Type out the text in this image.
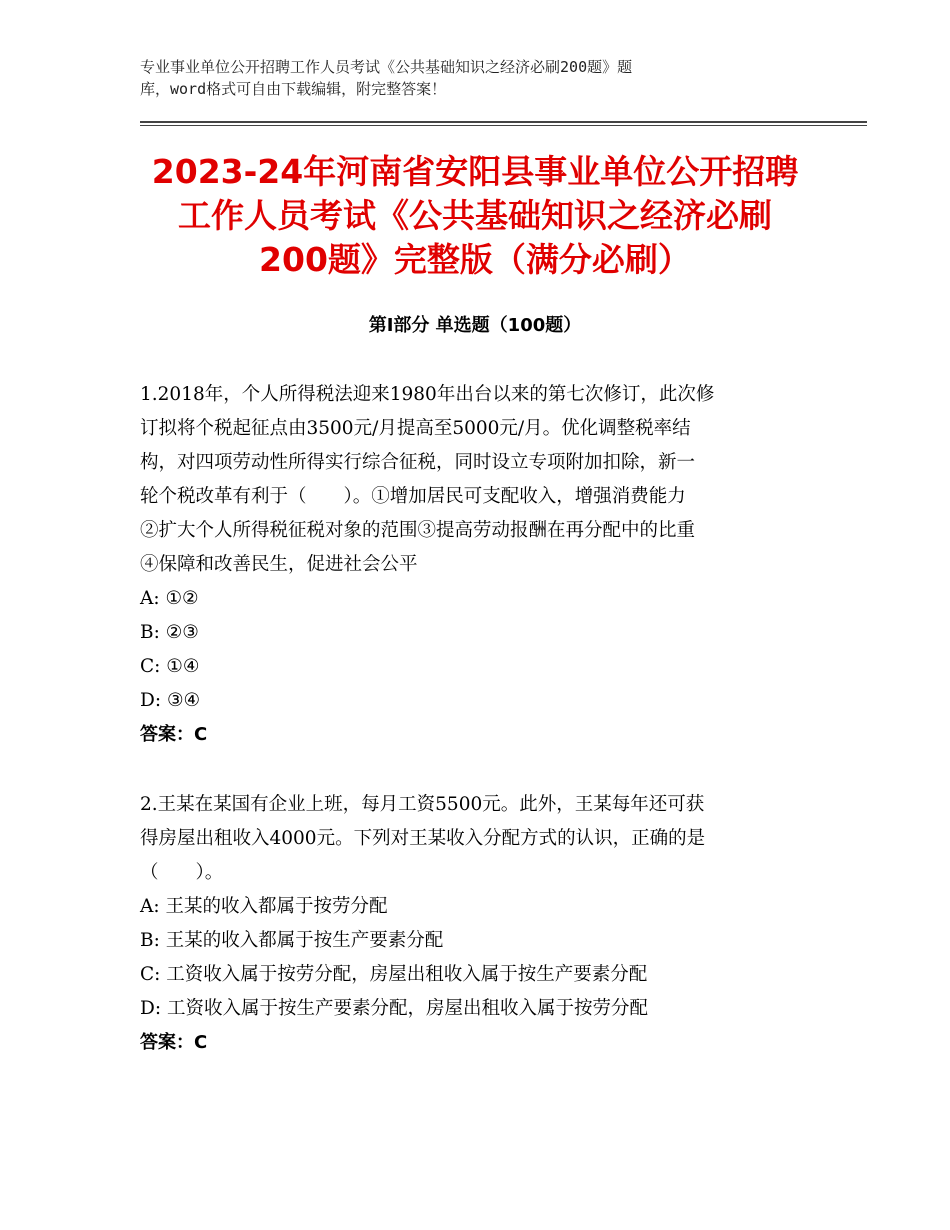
专业事业单位公开招聘工作人员考试《公共基础知识之经济必刷200题》题
库，word格式可自由下载编辑，附完整答案！
2023-24年河南省安阳县事业单位公开招聘
工作人员考试《公共基础知识之经济必刷
200题》完整版（满分必刷）
第Ⅰ部分 单选题（100题）
1.2018年，个人所得税法迎来1980年出台以来的第七次修订，此次修
订拟将个税起征点由3500元/月提高至5000元/月。优化调整税率结
构，对四项劳动性所得实行综合征税，同时设立专项附加扣除，新一
轮个税改革有利于（　　）。①增加居民可支配收入，增强消费能力
②扩大个人所得税征税对象的范围③提高劳动报酬在再分配中的比重
④保障和改善民生，促进社会公平
A: ①②
B: ②③
C: ①④
D: ③④
答案：C
2.王某在某国有企业上班，每月工资5500元。此外，王某每年还可获
得房屋出租收入4000元。下列对王某收入分配方式的认识，正确的是
（　　）。
A: 王某的收入都属于按劳分配
B: 王某的收入都属于按生产要素分配
C: 工资收入属于按劳分配，房屋出租收入属于按生产要素分配
D: 工资收入属于按生产要素分配，房屋出租收入属于按劳分配
答案：C
